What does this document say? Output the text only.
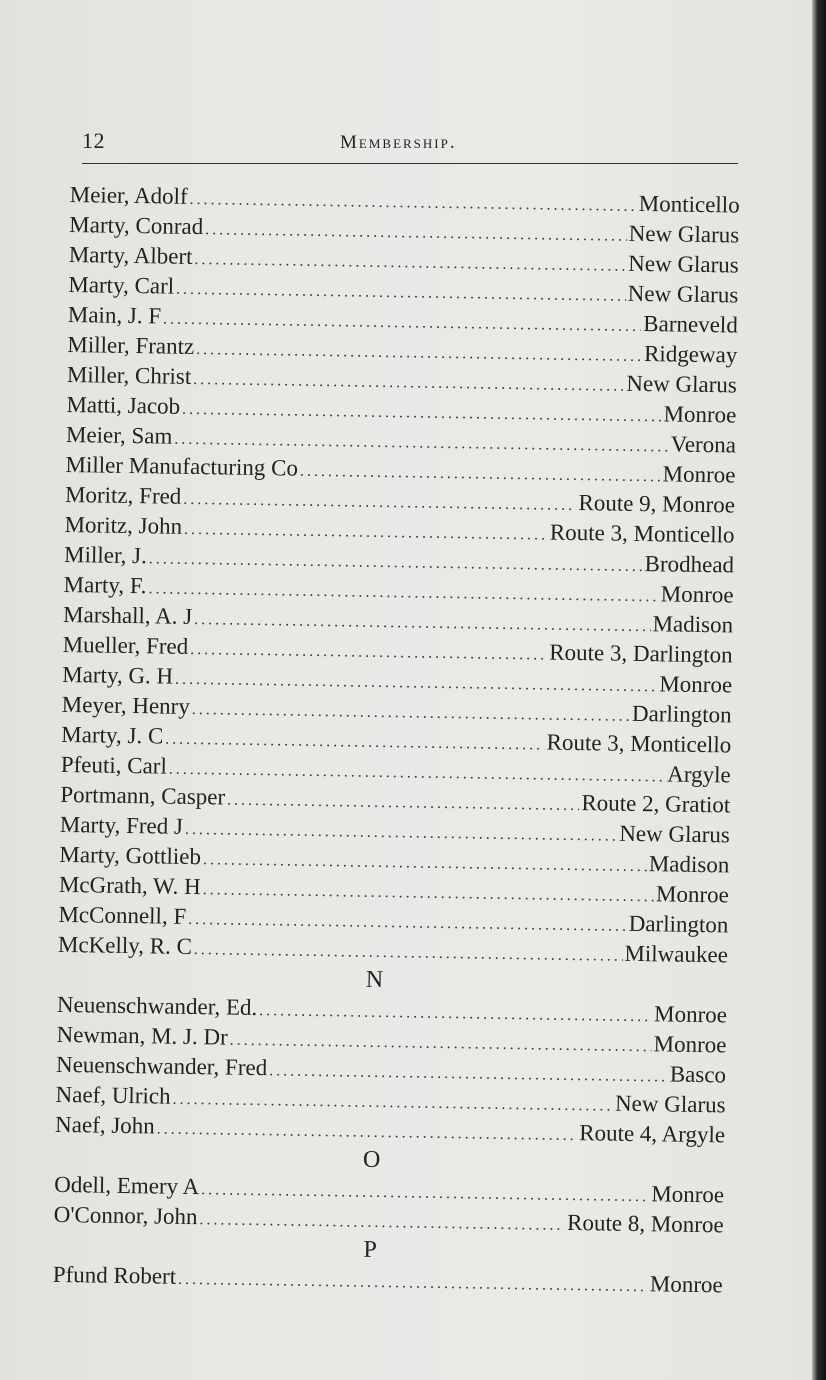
12	Membership.
Meier, Adolf .....	Monticello
Marty, Conrad .....	New Glarus
Marty, Albert .....	New Glarus
Marty, Carl .....	New Glarus
Main, J. F .....	Barneveld
Miller, Frantz .....	Ridgeway
Miller, Christ .....	New Glarus
Matti, Jacob .....	Monroe
Meier, Sam .....	Verona
Miller Manufacturing Co .....	Monroe
Moritz, Fred .....	Route 9, Monroe
Moritz, John .....	Route 3, Monticello
Miller, J. .....	Brodhead
Marty, F. .....	Monroe
Marshall, A. J .....	Madison
Mueller, Fred .....	Route 3, Darlington
Marty, G. H .....	Monroe
Meyer, Henry .....	Darlington
Marty, J. C .....	Route 3, Monticello
Pfeuti, Carl .....	Argyle
Portmann, Casper .....	Route 2, Gratiot
Marty, Fred J .....	New Glarus
Marty, Gottlieb .....	Madison
McGrath, W. H .....	Monroe
McConnell, F .....	Darlington
McKelly, R. C .....	Milwaukee
N
Neuenschwander, Ed. .....	Monroe
Newman, M. J. Dr .....	Monroe
Neuenschwander, Fred .....	Basco
Naef, Ulrich .....	New Glarus
Naef, John .....	Route 4, Argyle
O
Odell, Emery A .....	Monroe
O'Connor, John .....	Route 8, Monroe
P
Pfund Robert .....	Monroe
